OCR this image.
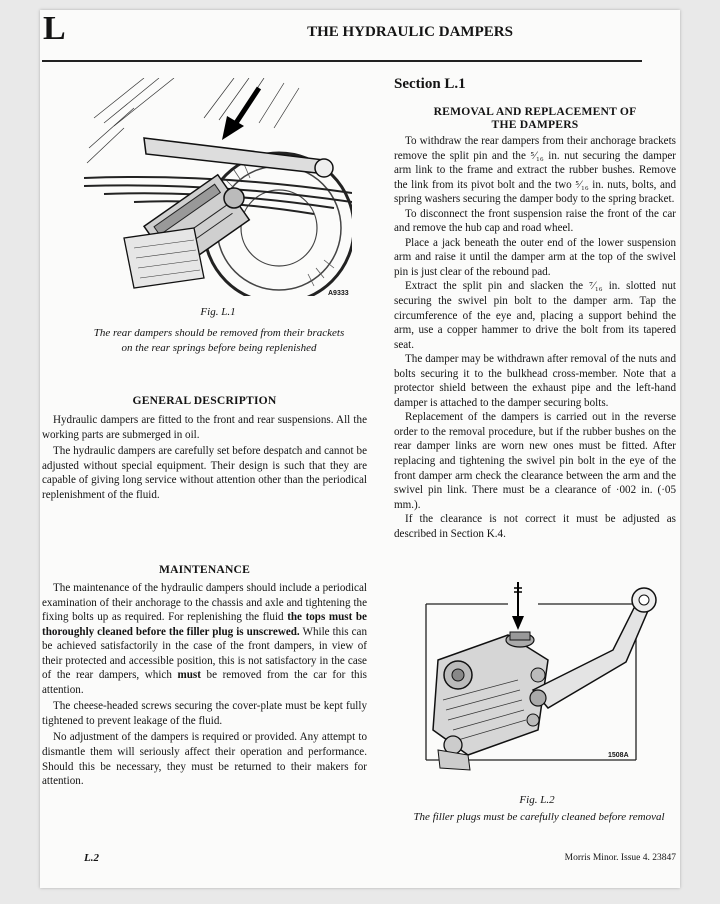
L	THE HYDRAULIC DAMPERS
A9333
Fig. L.1
The rear dampers should be removed from their brackets on the rear springs before being replenished
GENERAL DESCRIPTION

Hydraulic dampers are fitted to the front and rear suspensions. All the working parts are submerged in oil.

The hydraulic dampers are carefully set before despatch and cannot be adjusted without special equipment. Their design is such that they are capable of giving long service without attention other than the periodical replenishment of the fluid.

MAINTENANCE

The maintenance of the hydraulic dampers should include a periodical examination of their anchorage to the chassis and axle and tightening the fixing bolts up as required. For replenishing the fluid the tops must be thoroughly cleaned before the filler plug is unscrewed. While this can be achieved satisfactorily in the case of the front dampers, in view of their protected and accessible position, this is not satisfactory in the case of the rear dampers, which must be removed from the car for this attention.

The cheese-headed screws securing the cover-plate must be kept fully tightened to prevent leakage of the fluid.

No adjustment of the dampers is required or provided. Any attempt to dismantle them will seriously affect their operation and performance. Should this be necessary, they must be returned to their makers for attention.

Section L.1
REMOVAL AND REPLACEMENT OF
THE DAMPERS

To withdraw the rear dampers from their anchorage brackets remove the split pin and the ⁵⁄₁₆ in. nut securing the damper arm link to the frame and extract the rubber bushes. Remove the link from its pivot bolt and the two ⁵⁄₁₆ in. nuts, bolts, and spring washers securing the damper body to the spring bracket.

To disconnect the front suspension raise the front of the car and remove the hub cap and road wheel.

Place a jack beneath the outer end of the lower suspension arm and raise it until the damper arm at the top of the swivel pin is just clear of the rebound pad.

Extract the split pin and slacken the ⁷⁄₁₆ in. slotted nut securing the swivel pin bolt to the damper arm. Tap the circumference of the eye and, placing a support behind the arm, use a copper hammer to drive the bolt from its tapered seat.

The damper may be withdrawn after removal of the nuts and bolts securing it to the bulkhead cross-member. Note that a protector shield between the exhaust pipe and the left-hand damper is attached to the damper securing bolts.

Replacement of the dampers is carried out in the reverse order to the removal procedure, but if the rubber bushes on the rear damper links are worn new ones must be fitted. After replacing and tightening the swivel pin bolt in the eye of the front damper arm check the clearance between the arm and the swivel pin link. There must be a clearance of ·002 in. (·05 mm.).

If the clearance is not correct it must be adjusted as described in Section K.4.

1508A
Fig. L.2
The filler plugs must be carefully cleaned before removal
L.2	Morris Minor. Issue 4. 23847
